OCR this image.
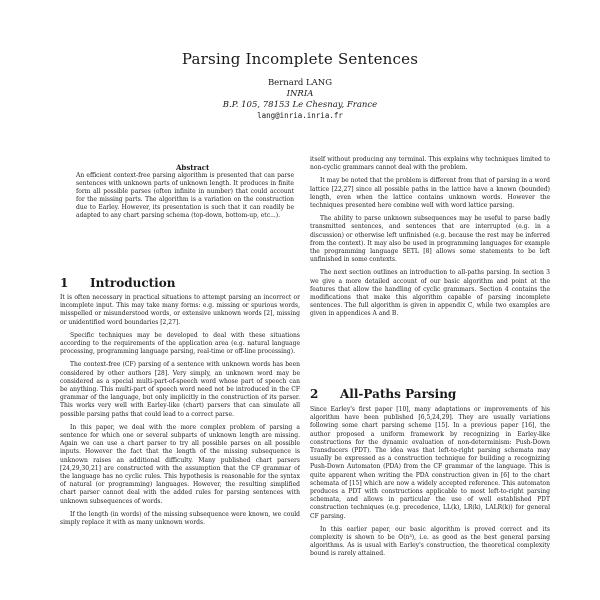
Parsing Incomplete Sentences
Bernard LANG
INRIA
B.P. 105, 78153 Le Chesnay, France
lang@inria.inria.fr
Abstract
An efficient context-free parsing algorithm is presented that can parse sentences with unknown parts of unknown length. It produces in finite form all possible parses (often infinite in number) that could account for the missing parts. The algorithm is a variation on the construction due to Earley. However, its presentation is such that it can readily be adapted to any chart parsing schema (top-down, bottom-up, etc...).
1 Introduction

It is often necessary in practical situations to attempt parsing an incorrect or incomplete input. This may take many forms: e.g. missing or spurious words, misspelled or misunderstood words, or extensive unknown words [2], missing or unidentified word boundaries [2,27].

Specific techniques may be developed to deal with these situations according to the requirements of the application area (e.g. natural language processing, programming language parsing, real-time or off-line processing).

The context-free (CF) parsing of a sentence with unknown words has been considered by other authors [28]. Very simply, an unknown word may be considered as a special multi-part-of-speech word whose part of speech can be anything. This multi-part of speech word need not be introduced in the CF grammar of the language, but only implicitly in the construction of its parser. This works very well with Earley-like (chart) parsers that can simulate all possible parsing paths that could lead to a correct parse.

In this paper, we deal with the more complex problem of parsing a sentence for which one or several subparts of unknown length are missing. Again we can use a chart parser to try all possible parses on all possible inputs. However the fact that the length of the missing subsequence is unknown raises an additional difficulty. Many published chart parsers [24,29,30,21] are constructed with the assumption that the CF grammar of the language has no cyclic rules. This hypothesis is reasonable for the syntax of natural (or programming) languages. However, the resulting simplified chart parser cannot deal with the added rules for parsing sentences with unknown subsequences of words.

If the length (in words) of the missing subsequence were known, we could simply replace it with as many unknown words.

itself without producing any terminal. This explains why techniques limited to non-cyclic grammars cannot deal with the problem.

It may be noted that the problem is different from that of parsing in a word lattice [22,27] since all possible paths in the lattice have a known (bounded) length, even when the lattice contains unknown words. However the techniques presented here combine well with word lattice parsing.

The ability to parse unknown subsequences may be useful to parse badly transmitted sentences, and sentences that are interrupted (e.g. in a discussion) or otherwise left unfinished (e.g. because the rest may be inferred from the context). It may also be used in programming languages for example the programming language SETL [8] allows some statements to be left unfinished in some contexts.

The next section outlines an introduction to all-paths parsing. In section 3 we give a more detailed account of our basic algorithm and point at the features that allow the handling of cyclic grammars. Section 4 contains the modifications that make this algorithm capable of parsing incomplete sentences. The full algorithm is given in appendix C, while two examples are given in appendices A and B.

2 All-Paths Parsing

Since Earley's first paper [10], many adaptations or improvements of his algorithm have been published [6,5,24,29]. They are usually variations following some chart parsing scheme [15]. In a previous paper [16], the author proposed a uniform framework by recognizing in Earley-like constructions for the dynamic evaluation of non-determinism: Push-Down Transducers (PDT). The idea was that left-to-right parsing schemata may usually be expressed as a construction technique for building a recognizing Push-Down Automaton (PDA) from the CF grammar of the language. This is quite apparent when writing the PDA construction given in [6] to the chart schemata of [15] which are now a widely accepted reference. This automaton produces a PDT with constructions applicable to most left-to-right parsing schemata, and allows in particular the use of well established PDT construction techniques (e.g. precedence, LL(k), LR(k), LALR(k)) for general CF parsing.

In this earlier paper, our basic algorithm is proved correct and its complexity is shown to be O(n³), i.e. as good as the best general parsing algorithms. As is usual with Earley's construction, the theoretical complexity bound is rarely attained.
